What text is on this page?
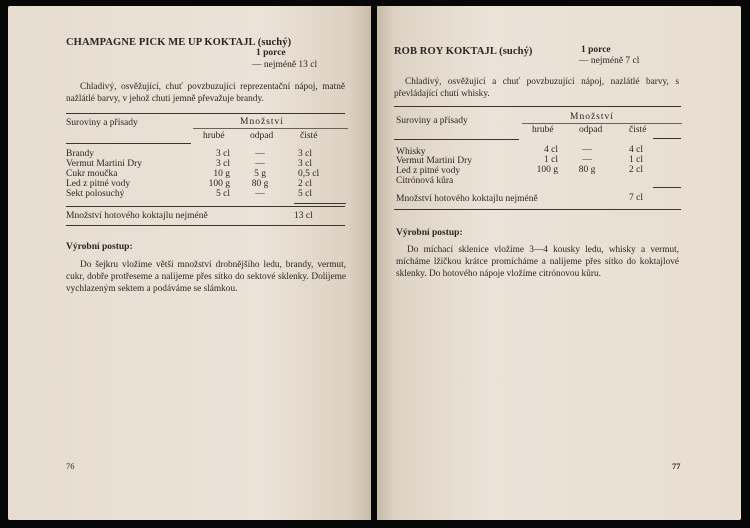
CHAMPAGNE PICK ME UP KOKTAJL (suchý)
1 porce
— nejméně 13 cl
Chladivý, osvěžující, chuť povzbuzující reprezentační nápoj, matně nažlátlé barvy, v jehož chuti jemně převažuje brandy.
Suroviny a přísady	Množství
hrubé	odpad	čisté
Brandy	3 cl	—	3 cl
Vermut Martini Dry	3 cl	—	3 cl
Cukr moučka	10 g	5 g	0,5 cl
Led z pitné vody	100 g	80 g	2 cl
Sekt polosuchý	5 cl	—	5 cl
Množství hotového koktajlu nejméně	13 cl
Výrobní postup:
Do šejkru vložíme větší množství drobnějšího ledu, brandy, vermut, cukr, dobře protřeseme a nalijeme přes sítko do sektové sklenky. Dolijeme vychlazeným sektem a podáváme se slámkou.
76
ROB ROY KOKTAJL (suchý)	1 porce
— nejméně 7 cl
Chladivý, osvěžující a chuť povzbuzující nápoj, nazlátlé barvy, s převládající chutí whisky.
Suroviny a přísady	Množství
hrubé	odpad	čisté
Whisky	4 cl	—	4 cl
Vermut Martini Dry	1 cl	—	1 cl
Led z pitné vody	100 g	80 g	2 cl
Citrónová kůra
Množství hotového koktajlu nejméně	7 cl
Výrobní postup:
Do míchací sklenice vložíme 3—4 kousky ledu, whisky a vermut, mícháme lžičkou krátce promícháme a nalijeme přes sítko do koktajlové sklenky. Do hotového nápoje vložíme citrónovou kůru.
77
